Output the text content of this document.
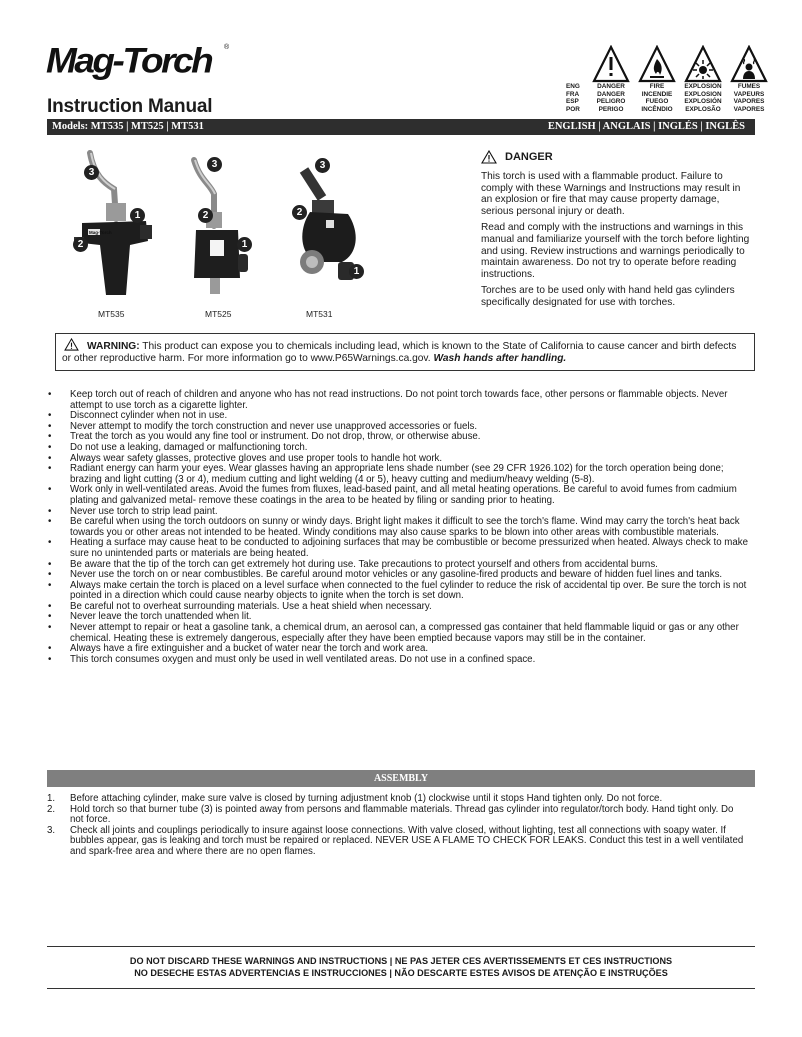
Mag-Torch ®
Instruction Manual
ENG
FRA
ESP
POR
DANGER
DANGER
PELIGRO
PERIGO
FIRE
INCENDIE
FUEGO
INCÊNDIO
EXPLOSION
EXPLOSION
EXPLOSIÓN
EXPLOSÃO
FUMES
VAPEURS
VAPORES
VAPORES
Models: MT535 | MT525 | MT531	ENGLISH | ANGLAIS | INGLÉS | INGLÊS
Mag-Torch
3
1
2
3
2
1
3
2
1
MT535	MT525	MT531
DANGER

This torch is used with a flammable product. Failure to comply with these Warnings and Instructions may result in an explosion or fire that may cause property damage, serious personal injury or death.

Read and comply with the instructions and warnings in this manual and familiarize yourself with the torch before lighting and using. Review instructions and warnings periodically to maintain awareness. Do not try to operate before reading instructions.

Torches are to be used only with hand held gas cylinders specifically designated for use with torches.

WARNING: This product can expose you to chemicals including lead, which is known to the State of California to cause cancer and birth defects or other reproductive harm. For more information go to www.P65Warnings.ca.gov. Wash hands after handling.
• Keep torch out of reach of children and anyone who has not read instructions. Do not point torch towards face, other persons or flammable objects. Never attempt to use torch as a cigarette lighter.
• Disconnect cylinder when not in use.
• Never attempt to modify the torch construction and never use unapproved accessories or fuels.
• Treat the torch as you would any fine tool or instrument. Do not drop, throw, or otherwise abuse.
• Do not use a leaking, damaged or malfunctioning torch.
• Always wear safety glasses, protective gloves and use proper tools to handle hot work.
• Radiant energy can harm your eyes. Wear glasses having an appropriate lens shade number (see 29 CFR 1926.102) for the torch operation being done; brazing and light cutting (3 or 4), medium cutting and light welding (4 or 5), heavy cutting and medium/heavy welding (5-8).
• Work only in well-ventilated areas. Avoid the fumes from fluxes, lead-based paint, and all metal heating operations. Be careful to avoid fumes from cadmium plating and galvanized metal- remove these coatings in the area to be heated by filing or sanding prior to heating.
• Never use torch to strip lead paint.
• Be careful when using the torch outdoors on sunny or windy days. Bright light makes it difficult to see the torch's flame. Wind may carry the torch's heat back towards you or other areas not intended to be heated. Windy conditions may also cause sparks to be blown into other areas with combustible materials.
• Heating a surface may cause heat to be conducted to adjoining surfaces that may be combustible or become pressurized when heated. Always check to make sure no unintended parts or materials are being heated.
• Be aware that the tip of the torch can get extremely hot during use. Take precautions to protect yourself and others from accidental burns.
• Never use the torch on or near combustibles. Be careful around motor vehicles or any gasoline-fired products and beware of hidden fuel lines and tanks.
• Always make certain the torch is placed on a level surface when connected to the fuel cylinder to reduce the risk of accidental tip over. Be sure the torch is not pointed in a direction which could cause nearby objects to ignite when the torch is set down.
• Be careful not to overheat surrounding materials. Use a heat shield when necessary.
• Never leave the torch unattended when lit.
• Never attempt to repair or heat a gasoline tank, a chemical drum, an aerosol can, a compressed gas container that held flammable liquid or gas or any other chemical. Heating these is extremely dangerous, especially after they have been emptied because vapors may still be in the container.
• Always have a fire extinguisher and a bucket of water near the torch and work area.
• This torch consumes oxygen and must only be used in well ventilated areas. Do not use in a confined space.
ASSEMBLY
1. Before attaching cylinder, make sure valve is closed by turning adjustment knob (1) clockwise until it stops Hand tighten only. Do not force.
2. Hold torch so that burner tube (3) is pointed away from persons and flammable materials. Thread gas cylinder into regulator/torch body. Hand tight only. Do not force.
3. Check all joints and couplings periodically to insure against loose connections. With valve closed, without lighting, test all connections with soapy water. If bubbles appear, gas is leaking and torch must be repaired or replaced. NEVER USE A FLAME TO CHECK FOR LEAKS. Conduct this test in a well ventilated and spark-free area and where there are no open flames.
DO NOT DISCARD THESE WARNINGS AND INSTRUCTIONS | NE PAS JETER CES AVERTISSEMENTS ET CES INSTRUCTIONS
NO DESECHE ESTAS ADVERTENCIAS E INSTRUCCIONES | NÃO DESCARTE ESTES AVISOS DE ATENÇÃO E INSTRUÇÕES
